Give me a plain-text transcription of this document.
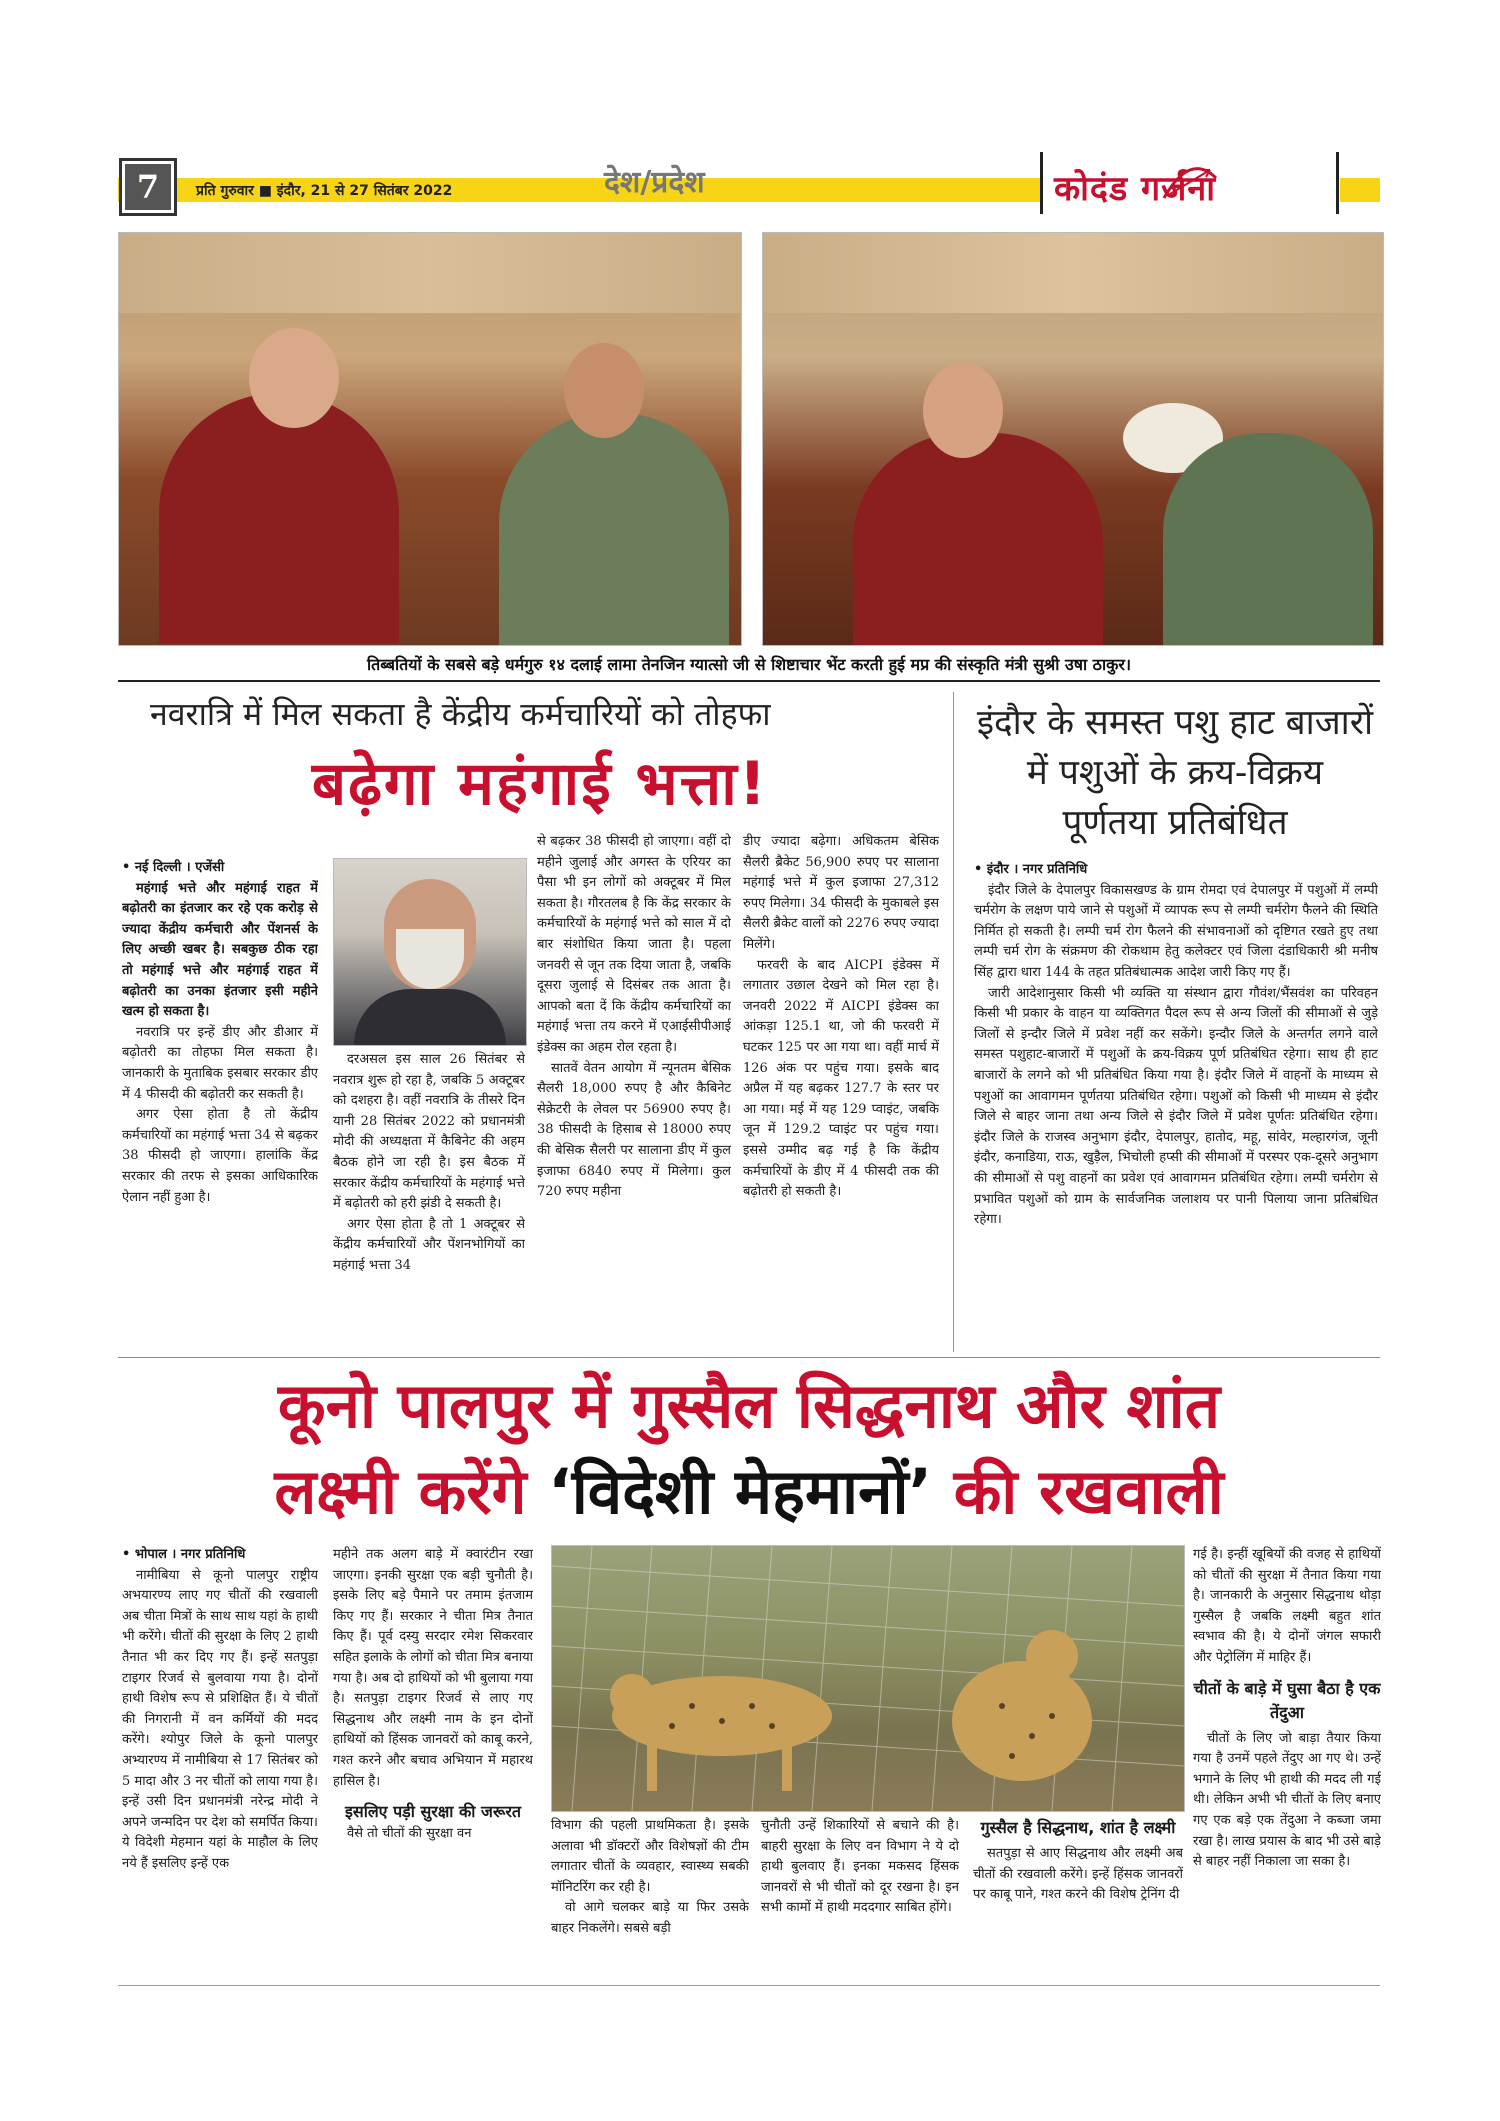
7	प्रति गुरुवार ■ इंदौर, 21 से 27 सितंबर 2022	देश/प्रदेश	कोदंड गर्जना
तिब्बतियों के सबसे बड़े धर्मगुरु १४ दलाई लामा तेनजिन ग्यात्सो जी से शिष्टाचार भेंट करती हुई मप्र की संस्कृति मंत्री सुश्री उषा ठाकुर।
नवरात्रि में मिल सकता है केंद्रीय कर्मचारियों को तोहफा
बढ़ेगा महंगाई भत्ता!

• नई दिल्ली । एजेंसी

महंगाई भत्ते और महंगाई राहत में बढ़ोतरी का इंतजार कर रहे एक करोड़ से ज्यादा केंद्रीय कर्मचारी और पेंशनर्स के लिए अच्छी खबर है। सबकुछ ठीक रहा तो महंगाई भत्ते और महंगाई राहत में बढ़ोतरी का उनका इंतजार इसी महीने खत्म हो सकता है।

नवरात्रि पर इन्हें डीए और डीआर में बढ़ोतरी का तोहफा मिल सकता है। जानकारी के मुताबिक इसबार सरकार डीए में 4 फीसदी की बढ़ोतरी कर सकती है।

अगर ऐसा होता है तो केंद्रीय कर्मचारियों का महंगाई भत्ता 34 से बढ़कर 38 फीसदी हो जाएगा। हालांकि केंद्र सरकार की तरफ से इसका आधिकारिक ऐलान नहीं हुआ है।

दरअसल इस साल 26 सितंबर से नवरात्र शुरू हो रहा है, जबकि 5 अक्टूबर को दशहरा है। वहीं नवरात्रि के तीसरे दिन यानी 28 सितंबर 2022 को प्रधानमंत्री मोदी की अध्यक्षता में कैबिनेट की अहम बैठक होने जा रही है। इस बैठक में सरकार केंद्रीय कर्मचारियों के महंगाई भत्ते में बढ़ोतरी को हरी झंडी दे सकती है।

अगर ऐसा होता है तो 1 अक्टूबर से केंद्रीय कर्मचारियों और पेंशनभोगियों का महंगाई भत्ता 34

से बढ़कर 38 फीसदी हो जाएगा। वहीं दो महीने जुलाई और अगस्त के एरियर का पैसा भी इन लोगों को अक्टूबर में मिल सकता है। गौरतलब है कि केंद्र सरकार के कर्मचारियों के महंगाई भत्ते को साल में दो बार संशोधित किया जाता है। पहला जनवरी से जून तक दिया जाता है, जबकि दूसरा जुलाई से दिसंबर तक आता है। आपको बता दें कि केंद्रीय कर्मचारियों का महंगाई भत्ता तय करने में एआईसीपीआई इंडेक्स का अहम रोल रहता है।

सातवें वेतन आयोग में न्यूनतम बेसिक सैलरी 18,000 रुपए है और कैबिनेट सेक्रेटरी के लेवल पर 56900 रुपए है। 38 फीसदी के हिसाब से 18000 रुपए की बेसिक सैलरी पर सालाना डीए में कुल इजाफा 6840 रुपए में मिलेगा। कुल 720 रुपए महीना

डीए ज्यादा बढ़ेगा। अधिकतम बेसिक सैलरी ब्रैकेट 56,900 रुपए पर सालाना महंगाई भत्ते में कुल इजाफा 27,312 रुपए मिलेगा। 34 फीसदी के मुकाबले इस सैलरी ब्रैकेट वालों को 2276 रुपए ज्यादा मिलेंगे।

फरवरी के बाद AICPI इंडेक्स में लगातार उछाल देखने को मिल रहा है। जनवरी 2022 में AICPI इंडेक्स का आंकड़ा 125.1 था, जो की फरवरी में घटकर 125 पर आ गया था। वहीं मार्च में 126 अंक पर पहुंच गया। इसके बाद अप्रैल में यह बढ़कर 127.7 के स्तर पर आ गया। मई में यह 129 प्वाइंट, जबकि जून में 129.2 प्वाइंट पर पहुंच गया। इससे उम्मीद बढ़ गई है कि केंद्रीय कर्मचारियों के डीए में 4 फीसदी तक की बढ़ोतरी हो सकती है।

इंदौर के समस्त पशु हाट बाजारों में पशुओं के क्रय-विक्रय पूर्णतया प्रतिबंधित

• इंदौर । नगर प्रतिनिधि

इंदौर जिले के देपालपुर विकासखण्ड के ग्राम रोमदा एवं देपालपुर में पशुओं में लम्पी चर्मरोग के लक्षण पाये जाने से पशुओं में व्यापक रूप से लम्पी चर्मरोग फैलने की स्थिति निर्मित हो सकती है। लम्पी चर्म रोग फैलने की संभावनाओं को दृष्टिगत रखते हुए तथा लम्पी चर्म रोग के संक्रमण की रोकथाम हेतु कलेक्टर एवं जिला दंडाधिकारी श्री मनीष सिंह द्वारा धारा 144 के तहत प्रतिबंधात्मक आदेश जारी किए गए हैं।

जारी आदेशानुसार किसी भी व्यक्ति या संस्थान द्वारा गौवंश/भैंसवंश का परिवहन किसी भी प्रकार के वाहन या व्यक्तिगत पैदल रूप से अन्य जिलों की सीमाओं से जुड़े जिलों से इन्दौर जिले में प्रवेश नहीं कर सकेंगे। इन्दौर जिले के अन्तर्गत लगने वाले समस्त पशुहाट-बाजारों में पशुओं के क्रय-विक्रय पूर्ण प्रतिबंधित रहेगा। साथ ही हाट बाजारों के लगने को भी प्रतिबंधित किया गया है। इंदौर जिले में वाहनों के माध्यम से पशुओं का आवागमन पूर्णतया प्रतिबंधित रहेगा। पशुओं को किसी भी माध्यम से इंदौर जिले से बाहर जाना तथा अन्य जिले से इंदौर जिले में प्रवेश पूर्णतः प्रतिबंधित रहेगा। इंदौर जिले के राजस्व अनुभाग इंदौर, देपालपुर, हातोद, महू, सांवेर, मल्हारगंज, जूनी इंदौर, कनाडिया, राऊ, खुड़ैल, भिचोली हप्सी की सीमाओं में परस्पर एक-दूसरे अनुभाग की सीमाओं से पशु वाहनों का प्रवेश एवं आवागमन प्रतिबंधित रहेगा। लम्पी चर्मरोग से प्रभावित पशुओं को ग्राम के सार्वजनिक जलाशय पर पानी पिलाया जाना प्रतिबंधित रहेगा।

कूनो पालपुर में गुस्सैल सिद्धनाथ और शांत
लक्ष्मी करेंगे ‘विदेशी मेहमानों’ की रखवाली

• भोपाल । नगर प्रतिनिधि

नामीबिया से कूनो पालपुर राष्ट्रीय अभयारण्य लाए गए चीतों की रखवाली अब चीता मित्रों के साथ साथ यहां के हाथी भी करेंगे। चीतों की सुरक्षा के लिए 2 हाथी तैनात भी कर दिए गए हैं। इन्हें सतपुड़ा टाइगर रिजर्व से बुलवाया गया है। दोनों हाथी विशेष रूप से प्रशिक्षित हैं। ये चीतों की निगरानी में वन कर्मियों की मदद करेंगे। श्योपुर जिले के कूनो पालपुर अभ्यारण्य में नामीबिया से 17 सितंबर को 5 मादा और 3 नर चीतों को लाया गया है। इन्हें उसी दिन प्रधानमंत्री नरेन्द्र मोदी ने अपने जन्मदिन पर देश को समर्पित किया। ये विदेशी मेहमान यहां के माहौल के लिए नये हैं इसलिए इन्हें एक

महीने तक अलग बाड़े में क्वारंटीन रखा जाएगा। इनकी सुरक्षा एक बड़ी चुनौती है। इसके लिए बड़े पैमाने पर तमाम इंतजाम किए गए हैं। सरकार ने चीता मित्र तैनात किए हैं। पूर्व दस्यु सरदार रमेश सिकरवार सहित इलाके के लोगों को चीता मित्र बनाया गया है। अब दो हाथियों को भी बुलाया गया है। सतपुड़ा टाइगर रिजर्व से लाए गए सिद्धनाथ और लक्ष्मी नाम के इन दोनों हाथियों को हिंसक जानवरों को काबू करने, गश्त करने और बचाव अभियान में महारथ हासिल है।

इसलिए पड़ी सुरक्षा की जरूरत

वैसे तो चीतों की सुरक्षा वन

विभाग की पहली प्राथमिकता है। इसके अलावा भी डॉक्टरों और विशेषज्ञों की टीम लगातार चीतों के व्यवहार, स्वास्थ्य सबकी मॉनिटरिंग कर रही है।

वो आगे चलकर बाड़े या फिर उसके बाहर निकलेंगे। सबसे बड़ी

चुनौती उन्हें शिकारियों से बचाने की है। बाहरी सुरक्षा के लिए वन विभाग ने ये दो हाथी बुलवाए हैं। इनका मकसद हिंसक जानवरों से भी चीतों को दूर रखना है। इन सभी कामों में हाथी मददगार साबित होंगे।

गुस्सैल है सिद्धनाथ, शांत है लक्ष्मी

सतपुड़ा से आए सिद्धनाथ और लक्ष्मी अब चीतों की रखवाली करेंगे। इन्हें हिंसक जानवरों पर काबू पाने, गश्त करने की विशेष ट्रेनिंग दी

गई है। इन्हीं खूबियों की वजह से हाथियों को चीतों की सुरक्षा में तैनात किया गया है। जानकारी के अनुसार सिद्धनाथ थोड़ा गुस्सैल है जबकि लक्ष्मी बहुत शांत स्वभाव की है। ये दोनों जंगल सफारी और पेट्रोलिंग में माहिर हैं।

चीतों के बाड़े में घुसा बैठा है एक तेंदुआ

चीतों के लिए जो बाड़ा तैयार किया गया है उनमें पहले तेंदुए आ गए थे। उन्हें भगाने के लिए भी हाथी की मदद ली गई थी। लेकिन अभी भी चीतों के लिए बनाए गए एक बड़े एक तेंदुआ ने कब्जा जमा रखा है। लाख प्रयास के बाद भी उसे बाड़े से बाहर नहीं निकाला जा सका है।
